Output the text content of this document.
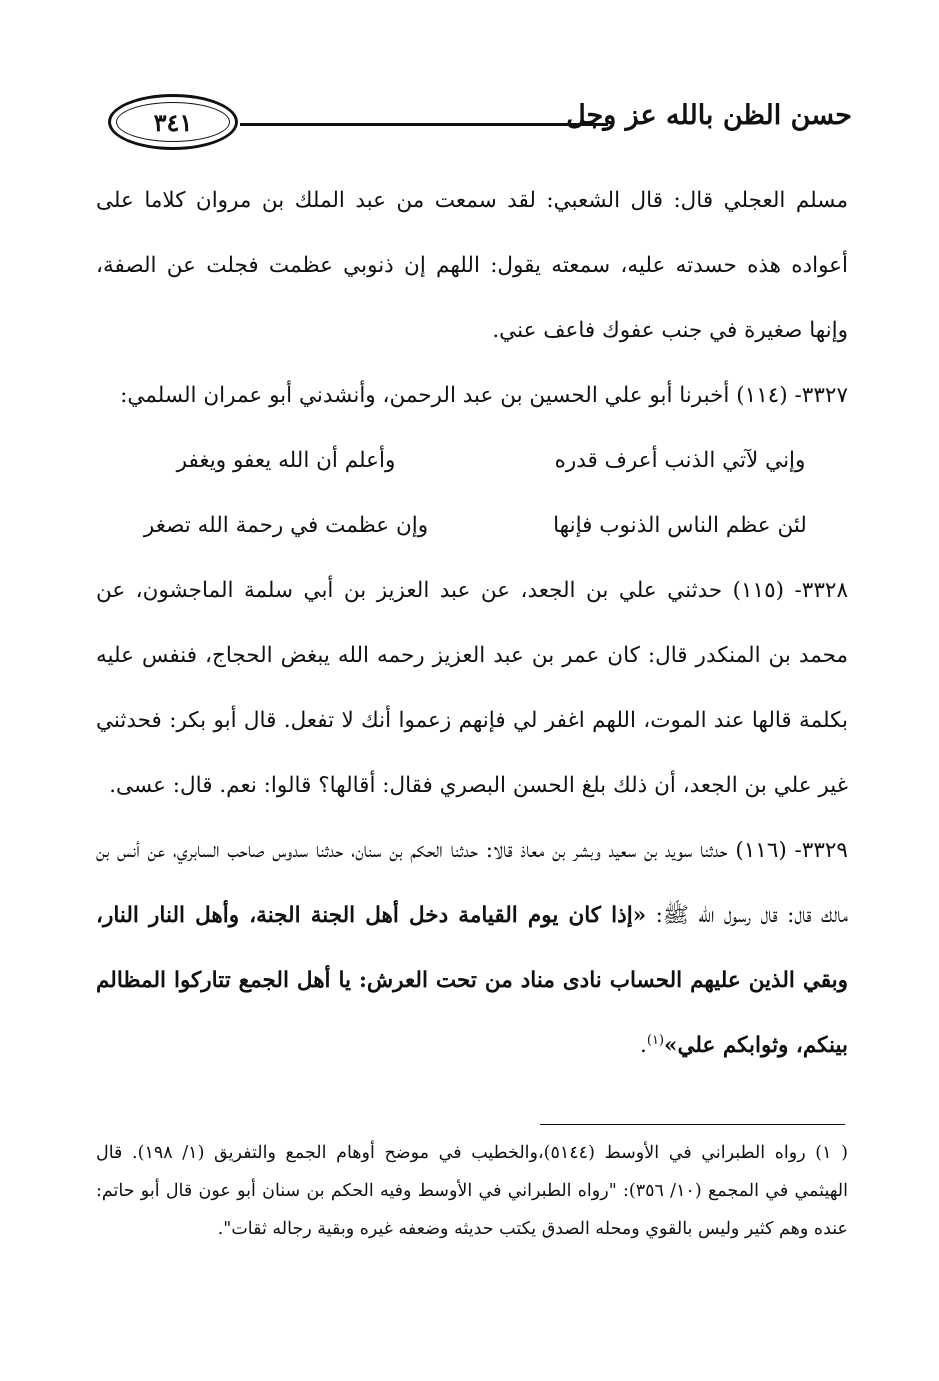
٣٤١	حسن الظن بالله عز وجل

مسلم العجلي قال: قال الشعبي: لقد سمعت من عبد الملك بن مروان كلاما على أعواده هذه حسدته عليه، سمعته يقول: اللهم إن ذنوبي عظمت فجلت عن الصفة، وإنها صغيرة في جنب عفوك فاعف عني.

٣٣٢٧- (١١٤) أخبرنا أبو علي الحسين بن عبد الرحمن، وأنشدني أبو عمران السلمي:

وإني لآتي الذنب أعرف قدره
وأعلم أن الله يعفو ويغفر
لئن عظم الناس الذنوب فإنها
وإن عظمت في رحمة الله تصغر

٣٣٢٨- (١١٥) حدثني علي بن الجعد، عن عبد العزيز بن أبي سلمة الماجشون، عن محمد بن المنكدر قال: كان عمر بن عبد العزيز رحمه الله يبغض الحجاج، فنفس عليه بكلمة قالها عند الموت، اللهم اغفر لي فإنهم زعموا أنك لا تفعل. قال أبو بكر: فحدثني غير علي بن الجعد، أن ذلك بلغ الحسن البصري فقال: أقالها؟ قالوا: نعم. قال: عسى.

٣٣٢٩- (١١٦) حدثنا سويد بن سعيد وبشر بن معاذ قالا: حدثنا الحكم بن سنان، حدثنا سدوس صاحب السابري، عن أنس بن مالك قال: قال رسول الله ﷺ: «إذا كان يوم القيامة دخل أهل الجنة الجنة، وأهل النار النار، وبقي الذين عليهم الحساب نادى مناد من تحت العرش: يا أهل الجمع تتاركوا المظالم بينكم، وثوابكم علي»$^{(١)}$.

( ١) رواه الطبراني في الأوسط (٥١٤٤)،والخطيب في موضح أوهام الجمع والتفريق (١/ ١٩٨). قال الهيثمي في المجمع (١٠/ ٣٥٦): "رواه الطبراني في الأوسط وفيه الحكم بن سنان أبو عون قال أبو حاتم: عنده وهم كثير وليس بالقوي ومحله الصدق يكتب حديثه وضعفه غيره وبقية رجاله ثقات".
